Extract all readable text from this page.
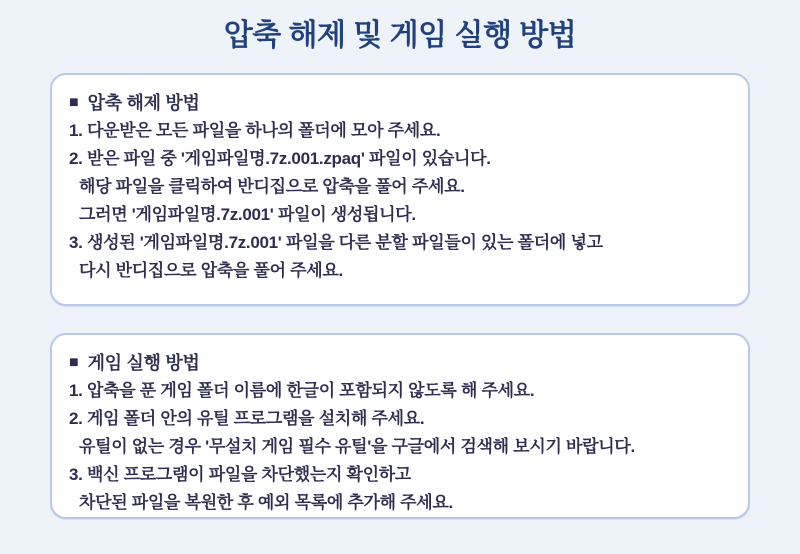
압축 해제 및 게임 실행 방법
■ 압축 해제 방법
1. 다운받은 모든 파일을 하나의 폴더에 모아 주세요.
2. 받은 파일 중 '게임파일명.7z.001.zpaq' 파일이 있습니다.
해당 파일을 클릭하여 반디집으로 압축을 풀어 주세요.
그러면 '게임파일명.7z.001' 파일이 생성됩니다.
3. 생성된 '게임파일명.7z.001' 파일을 다른 분할 파일들이 있는 폴더에 넣고
다시 반디집으로 압축을 풀어 주세요.
■ 게임 실행 방법
1. 압축을 푼 게임 폴더 이름에 한글이 포함되지 않도록 해 주세요.
2. 게임 폴더 안의 유틸 프로그램을 설치해 주세요.
유틸이 없는 경우 '무설치 게임 필수 유틸'을 구글에서 검색해 보시기 바랍니다.
3. 백신 프로그램이 파일을 차단했는지 확인하고
차단된 파일을 복원한 후 예외 목록에 추가해 주세요.
